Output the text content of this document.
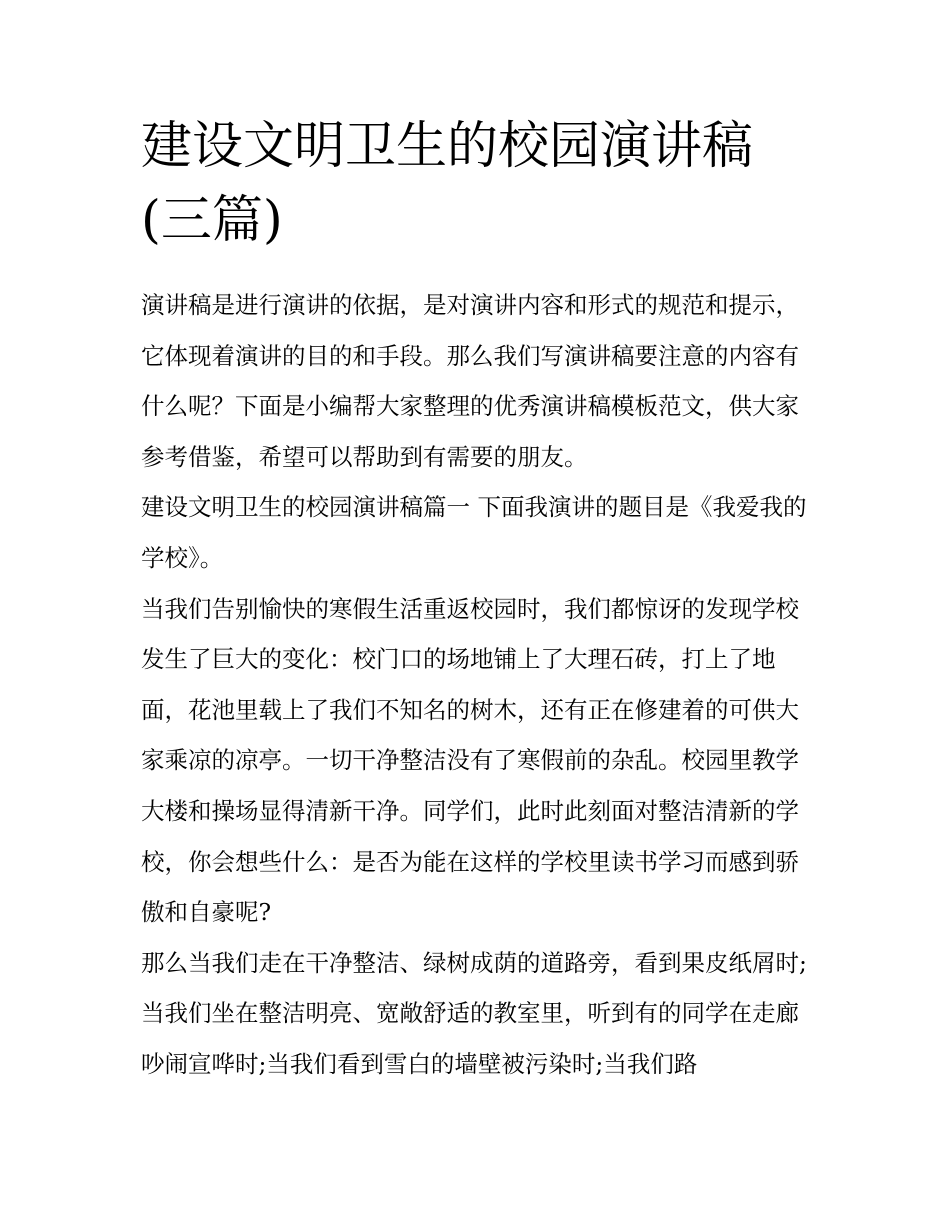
建设文明卫生的校园演讲稿(三篇)

演讲稿是进行演讲的依据，是对演讲内容和形式的规范和提示，它体现着演讲的目的和手段。那么我们写演讲稿要注意的内容有什么呢？下面是小编帮大家整理的优秀演讲稿模板范文，供大家参考借鉴，希望可以帮助到有需要的朋友。

建设文明卫生的校园演讲稿篇一 下面我演讲的题目是《我爱我的学校》。

当我们告别愉快的寒假生活重返校园时，我们都惊讶的发现学校发生了巨大的变化：校门口的场地铺上了大理石砖，打上了地面，花池里载上了我们不知名的树木，还有正在修建着的可供大家乘凉的凉亭。一切干净整洁没有了寒假前的杂乱。校园里教学大楼和操场显得清新干净。同学们，此时此刻面对整洁清新的学校，你会想些什么：是否为能在这样的学校里读书学习而感到骄傲和自豪呢?

那么当我们走在干净整洁、绿树成荫的道路旁，看到果皮纸屑时;当我们坐在整洁明亮、宽敞舒适的教室里，听到有的同学在走廊吵闹宣哗时;当我们看到雪白的墙壁被污染时;当我们路
